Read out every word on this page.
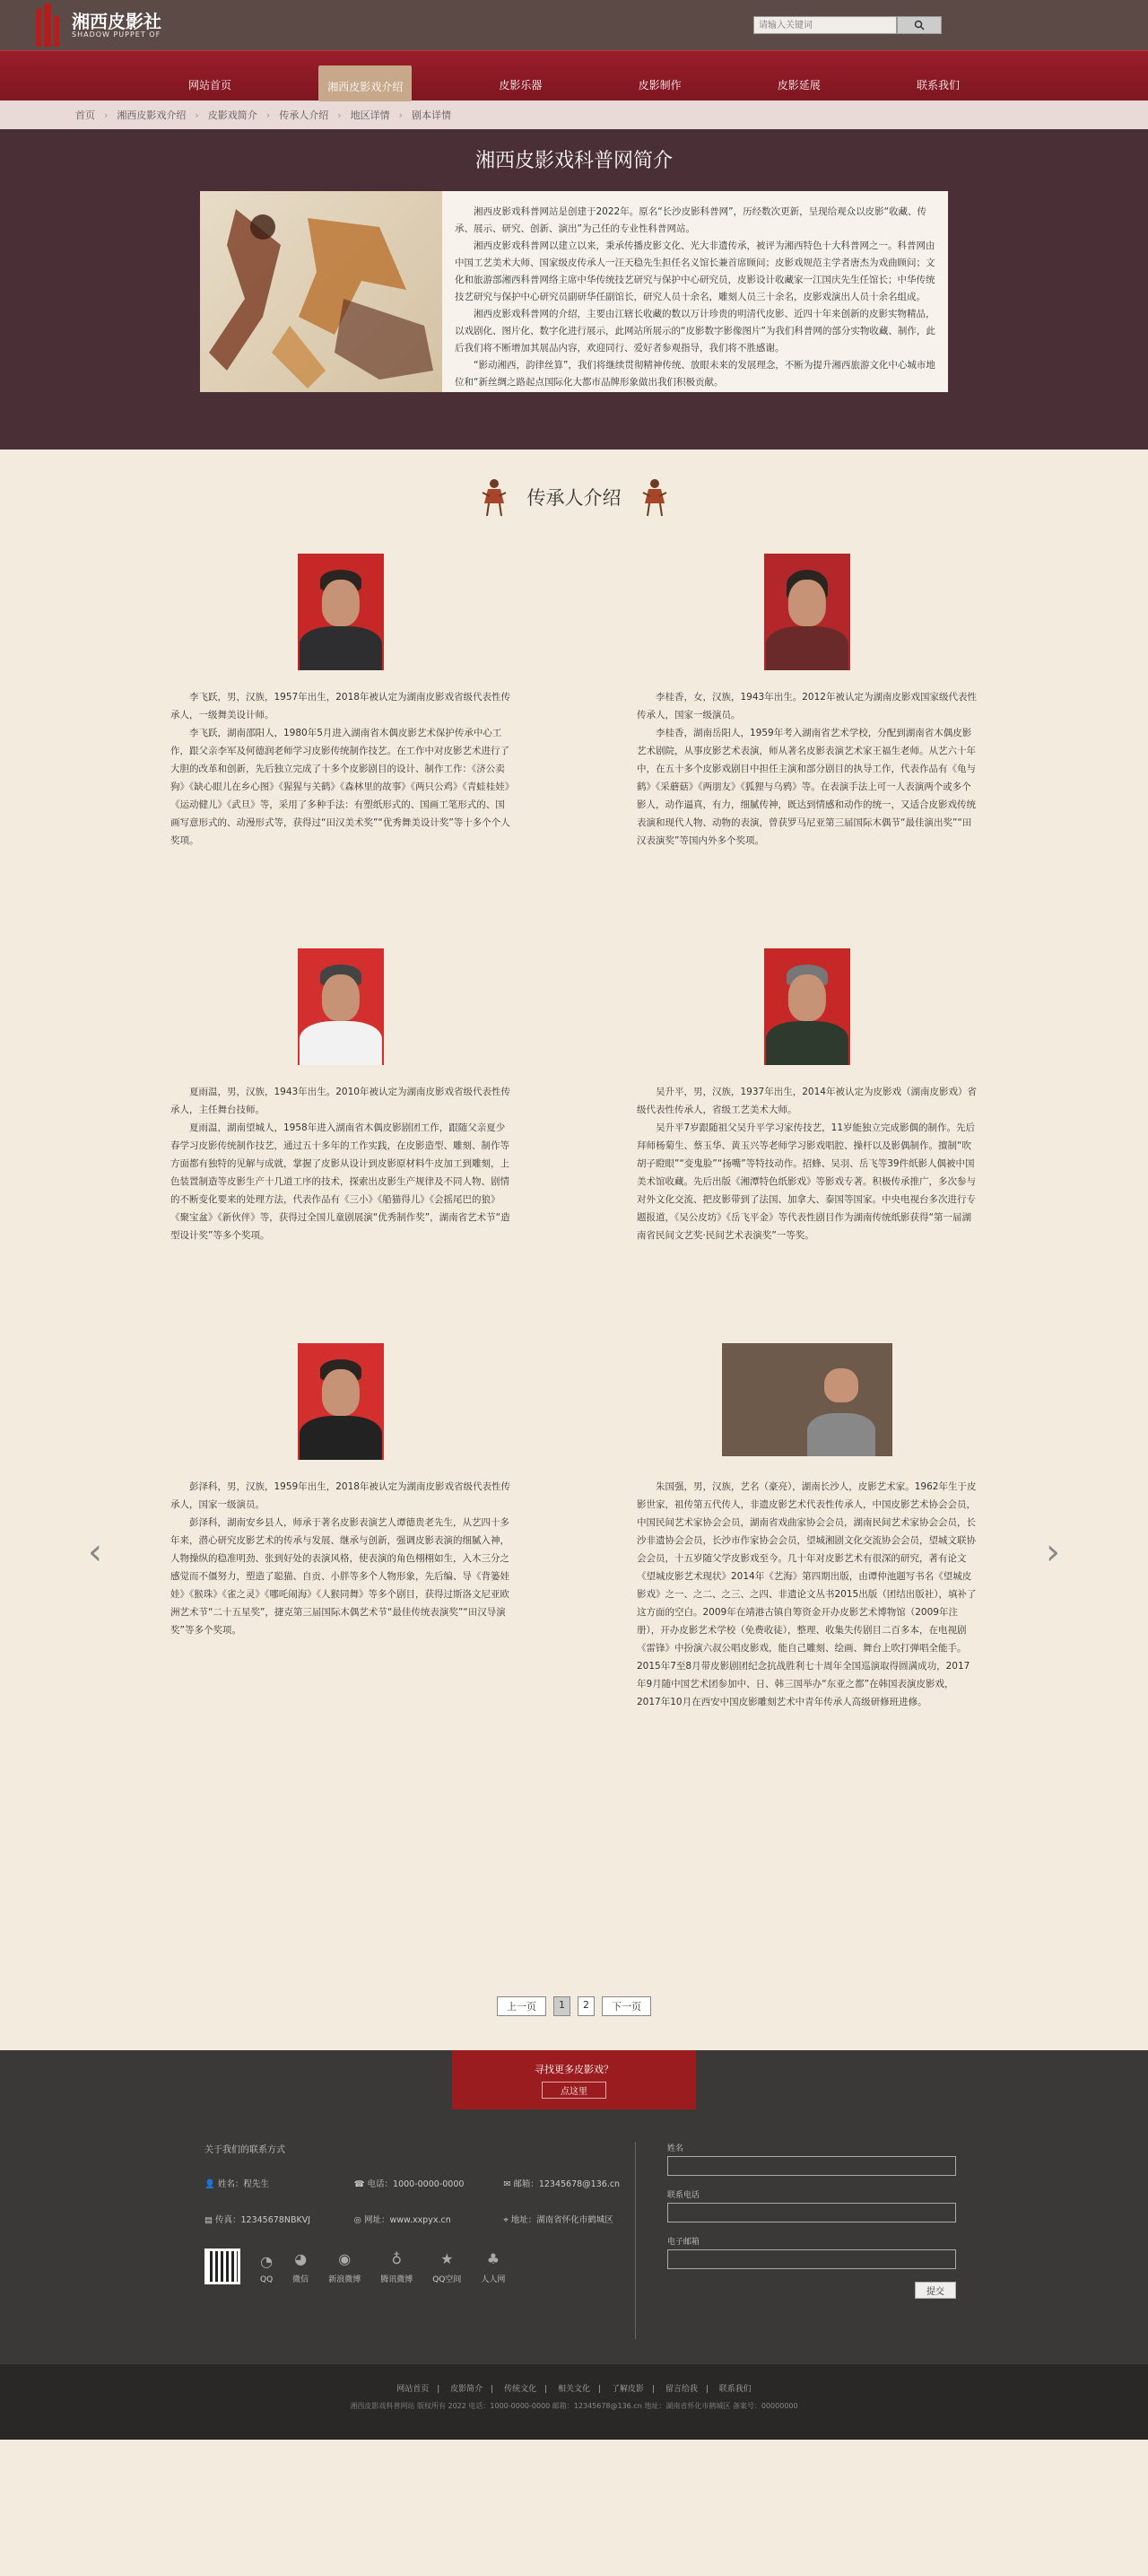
湘西皮影社
SHADOW PUPPET OF
请输入关键词
网站首页	湘西皮影戏介绍	皮影乐器	皮影制作	皮影延展	联系我们
首页 › 湘西皮影戏介绍 › 皮影戏简介 › 传承人介绍 › 地区详情 › 剧本详情
湘西皮影戏科普网简介

湘西皮影戏科普网站是创建于2022年。原名“长沙皮影科普网”，历经数次更新，呈现给观众以皮影“收藏、传承、展示、研究、创新、演出”为己任的专业性科普网站。

湘西皮影戏科普网以建立以来，秉承传播皮影文化、光大非遗传承，被评为湘西特色十大科普网之一。科普网由中国工艺美术大师、国家级皮传承人一汪天稳先生担任名义馆长兼首席顾问；皮影戏规范主学者唐杰为戏曲顾问；文化和旅游部湘西科普网络主席中华传统技艺研究与保护中心研究员，皮影设计收藏家一江国庆先生任馆长；中华传统技艺研究与保护中心研究员副研华任副馆长，研究人员十余名，雕刻人员三十余名，皮影戏演出人员十余名组成。

湘西皮影戏科普网的介绍，主要由江辖长收藏的数以万计珍贵的明清代皮影、近四十年来创新的皮影实物精品，以戏剧化、图片化、数字化进行展示，此网站所展示的“皮影数字影像图片”为我们科普网的部分实物收藏、制作，此后我们将不断增加其展品内容，欢迎同行、爱好者参观指导，我们将不胜感谢。

“影动湘西，韵律丝算”，我们将继续贯彻精神传统、放眼未来的发展理念，不断为提升湘西旅游文化中心城市地位和“新丝绸之路起点国际化大都市品牌形象做出我们积极贡献。

传承人介绍
‹	›

李飞跃，男，汉族，1957年出生，2018年被认定为湖南皮影戏省级代表性传承人，一级舞美设计师。

李飞跃，湖南邵阳人，1980年5月进入湖南省木偶皮影艺术保护传承中心工作，跟父亲李军及何德润老师学习皮影传统制作技艺。在工作中对皮影艺术进行了大胆的改革和创新，先后独立完成了十多个皮影剧目的设计、制作工作：《济公卖狗》《缺心眼儿在乡心图》《猩猩与关鹤》《森林里的故事》《两只公鸡》《青蛙桂娃》《运动健儿》《武旦》等，采用了多种手法：有塑纸形式的、国画工笔形式的、国画写意形式的、动漫形式等，获得过“田汉美术奖”“优秀舞美设计奖”等十多个个人奖项。

李桂香，女，汉族，1943年出生。2012年被认定为湖南皮影戏国家级代表性传承人，国家一级演员。

李桂香，湖南岳阳人，1959年考入湖南省艺术学校，分配到湖南省木偶皮影艺术剧院，从事皮影艺术表演，师从著名皮影表演艺术家王福生老师。从艺六十年中，在五十多个皮影戏剧目中担任主演和部分剧目的执导工作，代表作品有《龟与鹤》《采蘑菇》《两朋友》《狐狸与乌鸦》等。在表演手法上可一人表演两个或多个影人，动作逼真，有力，细腻传神，既达到情感和动作的统一，又适合皮影戏传统表演和现代人物、动物的表演，曾获罗马尼亚第三届国际木偶节“最佳演出奖”“田汉表演奖”等国内外多个奖项。

夏雨温，男，汉族，1943年出生。2010年被认定为湖南皮影戏省级代表性传承人，主任舞台技师。

夏雨温，湖南望城人，1958年进入湖南省木偶皮影剧团工作，跟随父亲夏少春学习皮影传统制作技艺，通过五十多年的工作实践，在皮影造型、雕刻、制作等方面都有独特的见解与成就，掌握了皮影从设计到皮影原材料牛皮加工到雕刻，上色装置制造等皮影生产十几道工序的技术，探索出皮影生产规律及不同人物、剧情的不断变化要来的处理方法，代表作品有《三小》《船猫得儿》《会摇尾巴的狼》《聚宝盆》《新伙伴》等，获得过全国儿童剧展演“优秀制作奖”，湖南省艺术节“造型设计奖”等多个奖项。

吴升平，男，汉族，1937年出生，2014年被认定为皮影戏（湖南皮影戏）省级代表性传承人，省级工艺美术大师。

吴升平7岁跟随祖父吴升平学习家传技艺，11岁能独立完成影偶的制作。先后拜师杨菊生、蔡玉华、黄玉兴等老师学习影戏唱腔、操杆以及影偶制作。擅制“吹胡子瞪眼”“变鬼脸”“扬嘴”等特技动作。招蜂、吴羽、岳飞等39件纸影人偶被中国美术馆收藏。先后出版《湘潭特色纸影戏》等影戏专著。积极传承推广，多次参与对外文化交流、把皮影带到了法国、加拿大、泰国等国家。中央电视台多次进行专题报道，《吴公皮坊》《岳飞平金》等代表性剧目作为湖南传统纸影获得“第一届湖南省民间文艺奖·民间艺术表演奖”一等奖。

彭泽科，男，汉族，1959年出生，2018年被认定为湖南皮影戏省级代表性传承人，国家一级演员。

彭泽科，湖南安乡县人，师承于著名皮影表演艺人谭德贵老先生，从艺四十多年来，潜心研究皮影艺术的传承与发展、继承与创新，强调皮影表演的细腻入神，人物操纵的稳准明劲、张到好处的表演风格，使表演的角色栩栩如生，入木三分之感觉而不僵努力，塑造了聪猫、自贡、小胖等多个人物形象，先后编、导《背篓娃娃》《猴珠》《雀之灵》《哪吒闹海》《人猴同舞》等多个剧目，获得过斯洛文尼亚欧洲艺术节“二十五星奖”，捷克第三届国际木偶艺术节“最佳传统表演奖”“田汉导演奖”等多个奖项。

朱国强，男，汉族，艺名（豪亮），湖南长沙人，皮影艺术家。1962年生于皮影世家，祖传第五代传人，非遗皮影艺术代表性传承人，中国皮影艺术协会会员，中国民间艺术家协会会员，湖南省戏曲家协会会员，湖南民间艺术家协会会员，长沙非遗协会会员，长沙市作家协会会员，望城湘剧文化交流协会会员，望城文联协会会员，十五岁随父学皮影戏至今。几十年对皮影艺术有很深的研究，著有论文《望城皮影艺术现状》2014年《艺海》第四期出版，由谭仲池题写书名《望城皮影戏》之一、之二、之三、之四、非遗论文丛书2015出版（团结出版社），填补了这方面的空白。2009年在靖港古镇自筹资金开办皮影艺术博物馆（2009年注册），开办皮影艺术学校（免费收徒），整理、收集失传剧目二百多本，在电视剧《雷锋》中扮演六叔公唱皮影戏，能自己雕刻、绘画、舞台上吹打弹唱全能手。2015年7至8月带皮影剧团纪念抗战胜利七十周年全国巡演取得圆满成功，2017年9月随中国艺术团参加中、日、韩三国举办“东亚之都”在韩国表演皮影戏，2017年10月在西安中国皮影雕刻艺术中青年传承人高级研修班进修。

上一页	1	2	下一页
寻找更多皮影戏？
点这里
关于我们的联系方式
👤 姓名：程先生	☎ 电话：1000-0000-0000	✉ 邮箱：12345678@136.cn
▤ 传真：12345678NBKVJ	◎ 网址：www.xxpyx.cn	⌖ 地址：湖南省怀化市鹤城区
◔
QQ
◕
微信
◉
新浪微博
♁
腾讯微博
★
QQ空间
♣
人人网
姓名
联系电话
电子邮箱
提交
网站首页 | 皮影简介 | 传统文化 | 相关文化 | 了解皮影 | 留言给我 | 联系我们
湘西皮影戏科普网站 版权所有 2022 电话：1000-0000-0000 邮箱：12345678@136.cn 地址：湖南省怀化市鹤城区 备案号：00000000
